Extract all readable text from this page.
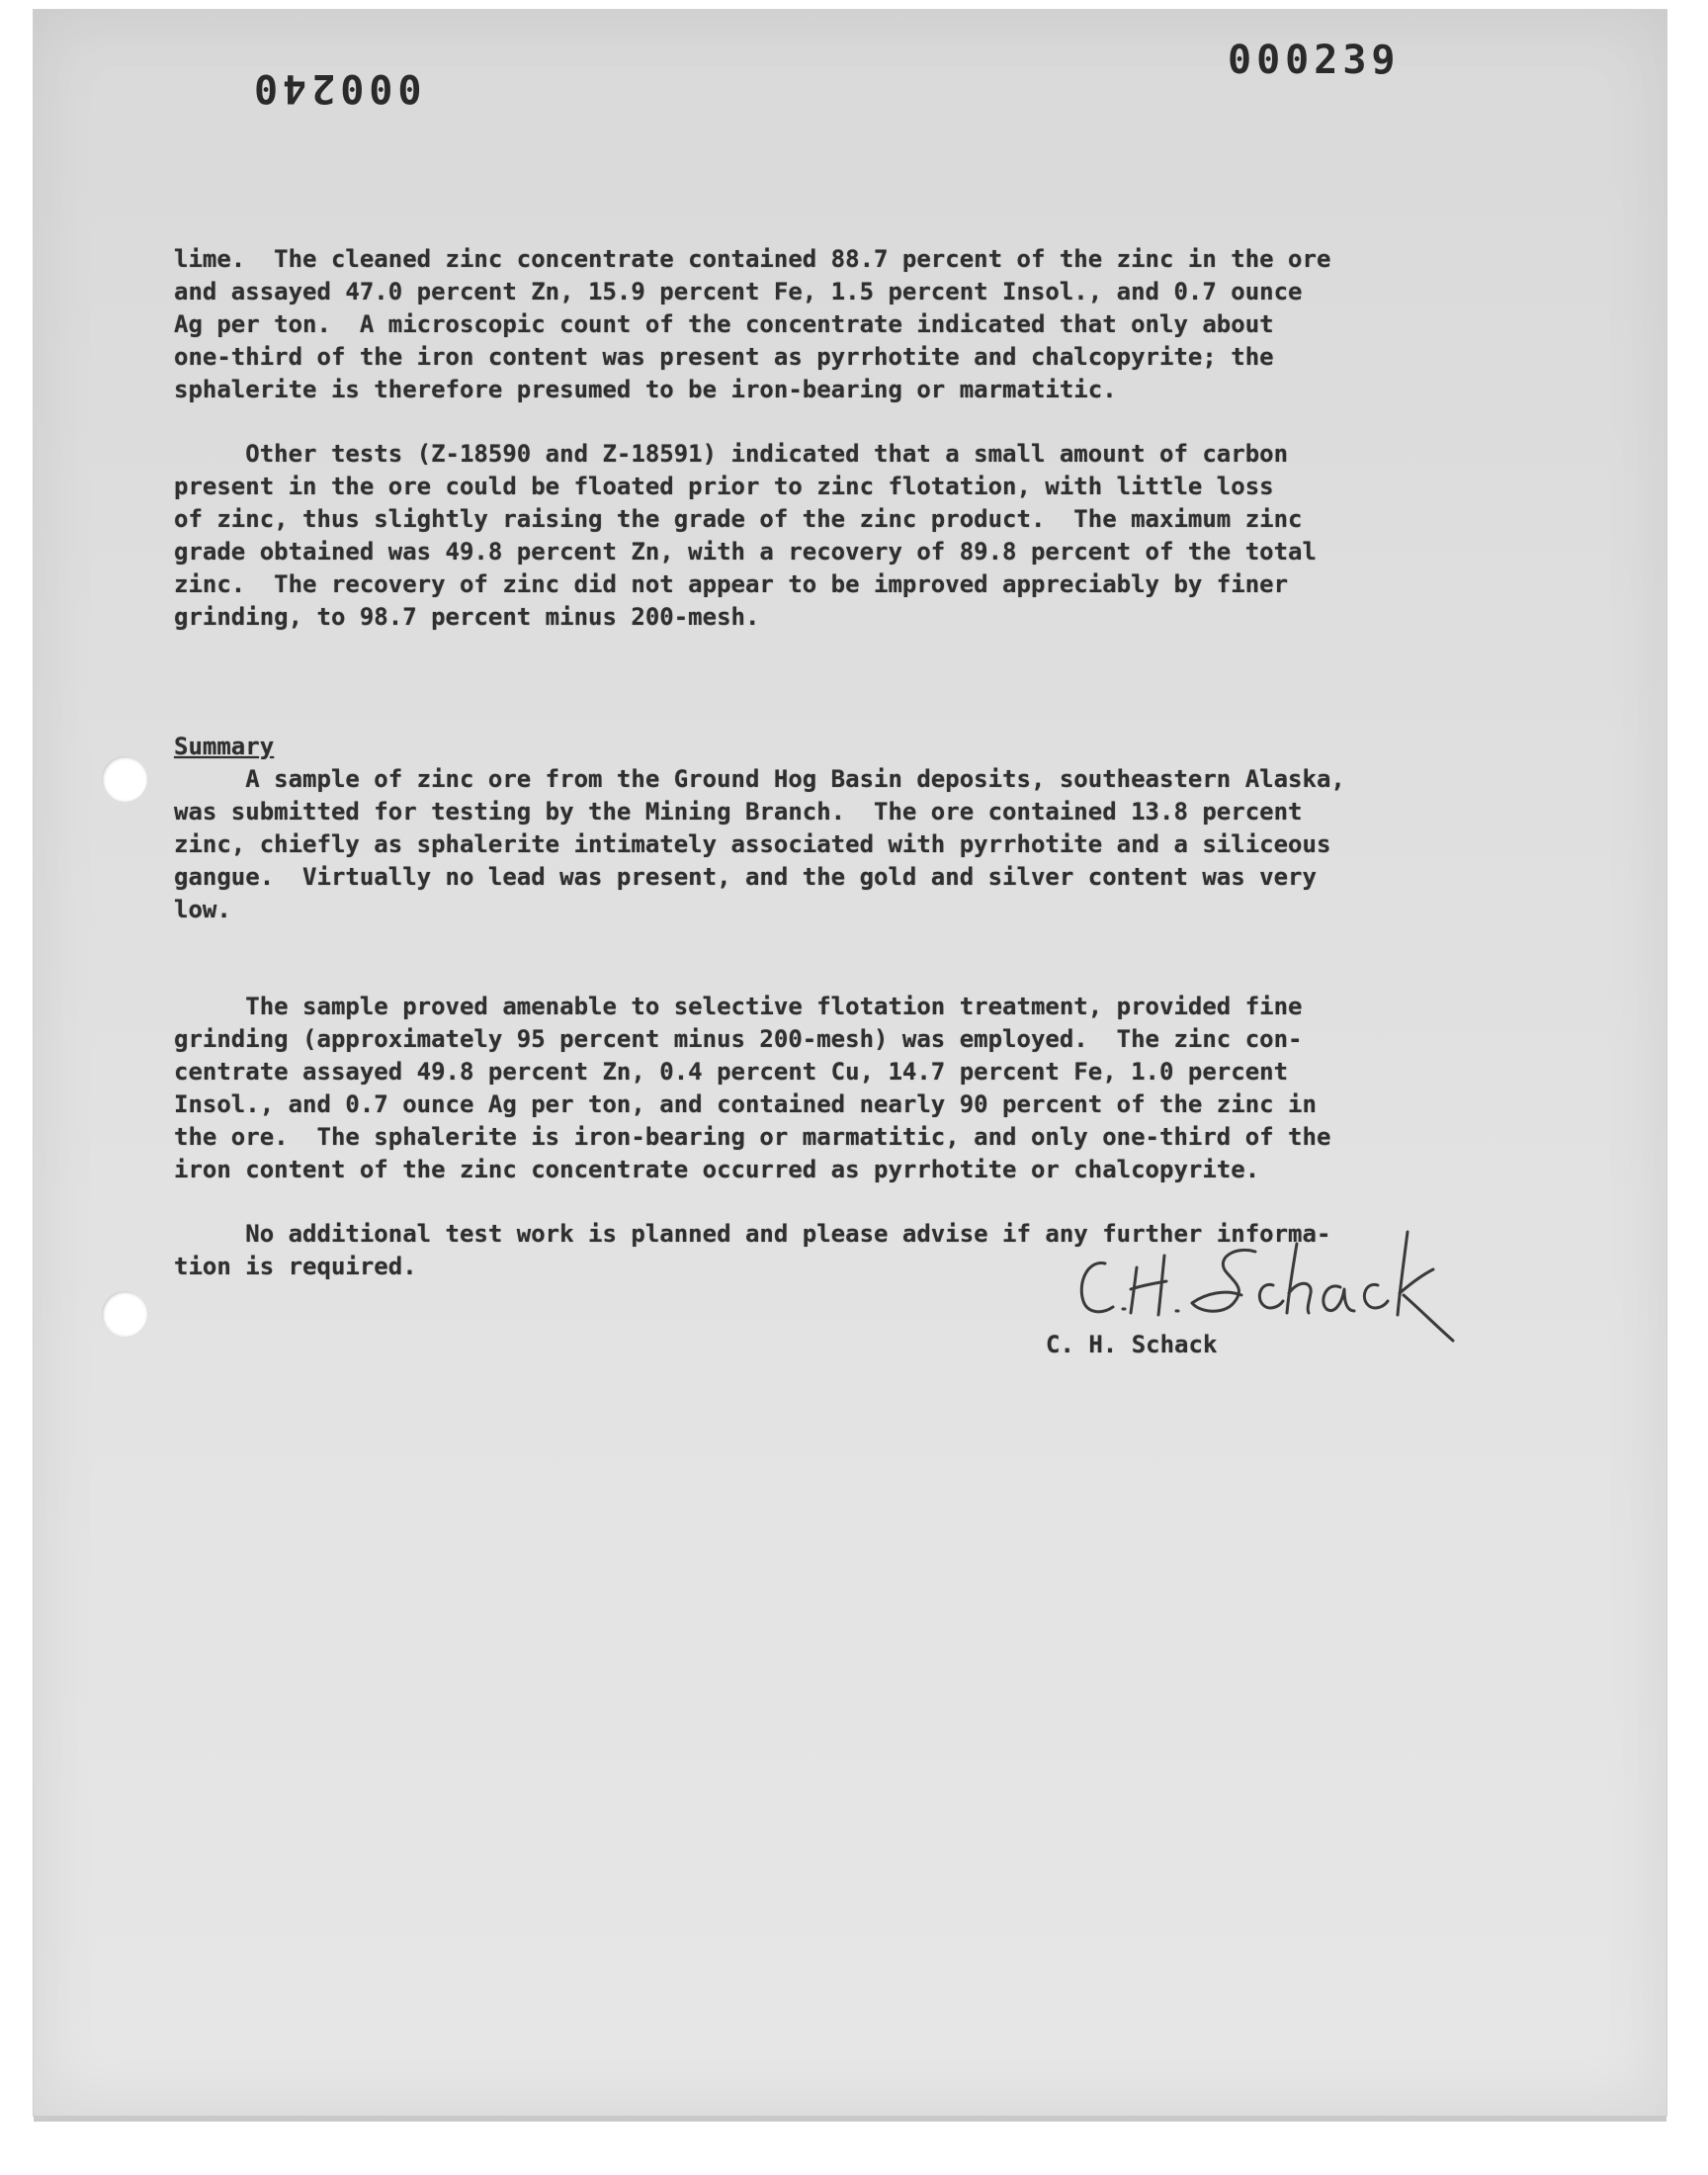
000240
000239
lime.  The cleaned zinc concentrate contained 88.7 percent of the zinc in the ore
and assayed 47.0 percent Zn, 15.9 percent Fe, 1.5 percent Insol., and 0.7 ounce
Ag per ton.  A microscopic count of the concentrate indicated that only about
one-third of the iron content was present as pyrrhotite and chalcopyrite; the
sphalerite is therefore presumed to be iron-bearing or marmatitic.
Other tests (Z-18590 and Z-18591) indicated that a small amount of carbon
present in the ore could be floated prior to zinc flotation, with little loss
of zinc, thus slightly raising the grade of the zinc product.  The maximum zinc
grade obtained was 49.8 percent Zn, with a recovery of 89.8 percent of the total
zinc.  The recovery of zinc did not appear to be improved appreciably by finer
grinding, to 98.7 percent minus 200-mesh.

Summary
A sample of zinc ore from the Ground Hog Basin deposits, southeastern Alaska,
was submitted for testing by the Mining Branch.  The ore contained 13.8 percent
zinc, chiefly as sphalerite intimately associated with pyrrhotite and a siliceous
gangue.  Virtually no lead was present, and the gold and silver content was very
low.

The sample proved amenable to selective flotation treatment, provided fine
grinding (approximately 95 percent minus 200-mesh) was employed.  The zinc con-
centrate assayed 49.8 percent Zn, 0.4 percent Cu, 14.7 percent Fe, 1.0 percent
Insol., and 0.7 ounce Ag per ton, and contained nearly 90 percent of the zinc in
the ore.  The sphalerite is iron-bearing or marmatitic, and only one-third of the
iron content of the zinc concentrate occurred as pyrrhotite or chalcopyrite.
No additional test work is planned and please advise if any further informa-
tion is required.
C. H. Schack
